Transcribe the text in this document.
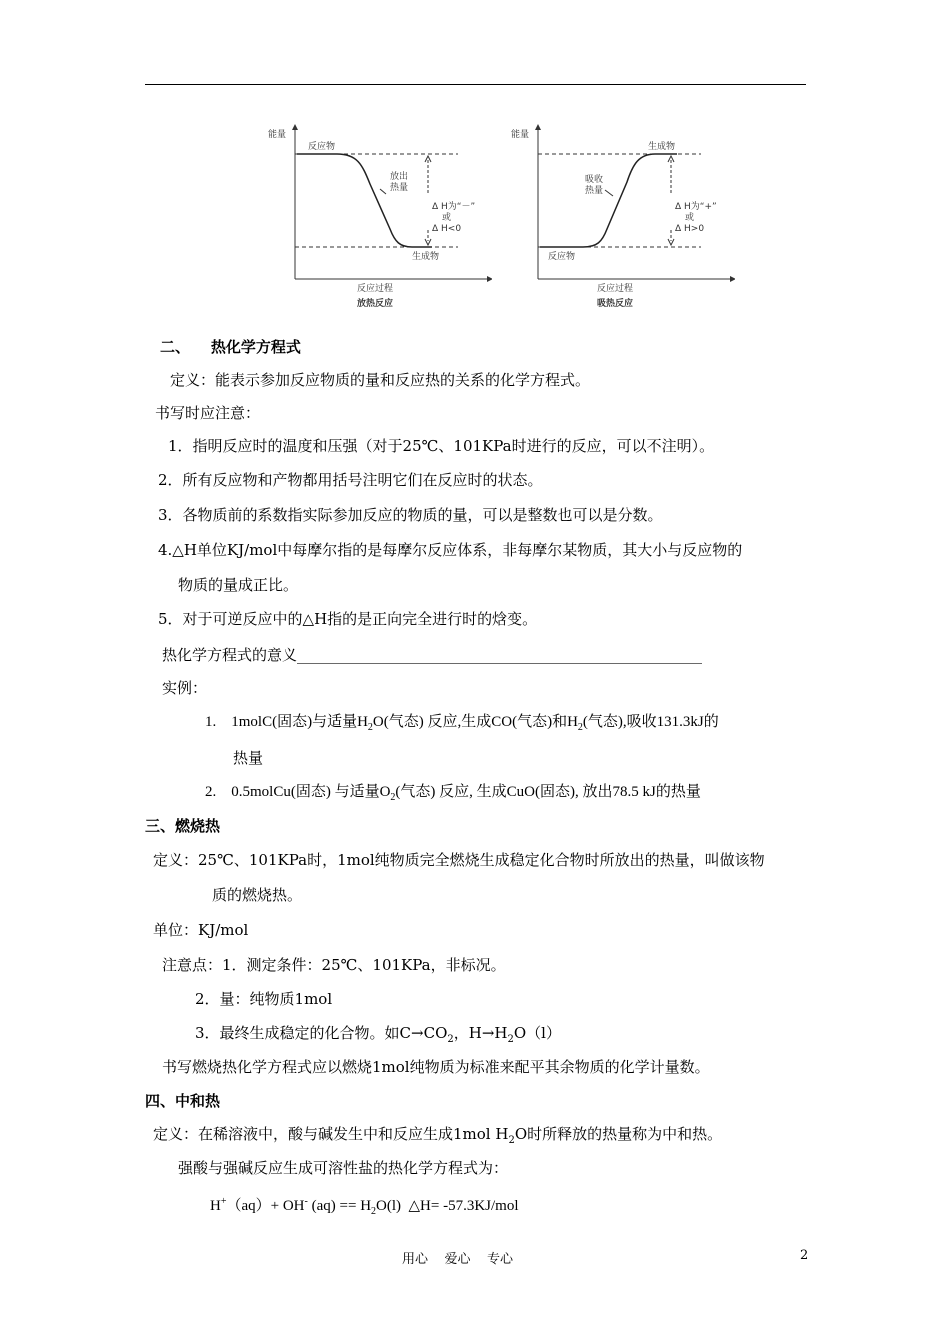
能量
反应物
生成物
放出
热量
Δ H为“－”
或
Δ H<0
反应过程
放热反应
能量
生成物
反应物
吸收
热量
Δ H为“+”
或
Δ H>0
反应过程
吸热反应
二、    热化学方程式
定义：能表示参加反应物质的量和反应热的关系的化学方程式。
书写时应注意：
1．指明反应时的温度和压强（对于25℃、101KPa时进行的反应，可以不注明）。
2．所有反应物和产物都用括号注明它们在反应时的状态。
3．各物质前的系数指实际参加反应的物质的量，可以是整数也可以是分数。
4.△H单位KJ/mol中每摩尔指的是每摩尔反应体系，非每摩尔某物质，其大小与反应物的
物质的量成正比。
5．对于可逆反应中的△H指的是正向完全进行时的焓变。
热化学方程式的意义______________________________________________________
实例：
1. 1molC(固态)与适量$H_2O$(气态) 反应,生成CO(气态)和$H_2$(气态),吸收131.3kJ的
热量
2. 0.5molCu(固态) 与适量$O_2$(气态) 反应, 生成CuO(固态), 放出78.5 kJ的热量
三、燃烧热
定义：25℃、101KPa时，1mol纯物质完全燃烧生成稳定化合物时所放出的热量，叫做该物
质的燃烧热。
单位：KJ/mol
注意点：1．测定条件：25℃、101KPa，非标况。
2．量：纯物质1mol
3．最终生成稳定的化合物。如$C\to CO_2$，$H\to H_2O(l)$
书写燃烧热化学方程式应以燃烧1mol纯物质为标准来配平其余物质的化学计量数。
四、中和热
定义：在稀溶液中，酸与碱发生中和反应生成1mol $H_2O$时所释放的热量称为中和热。
强酸与强碱反应生成可溶性盐的热化学方程式为：
H+（aq）+ OH- $(aq) == H_2O(l)$  △H= -57.3KJ/mol
用心    爱心    专心	2
